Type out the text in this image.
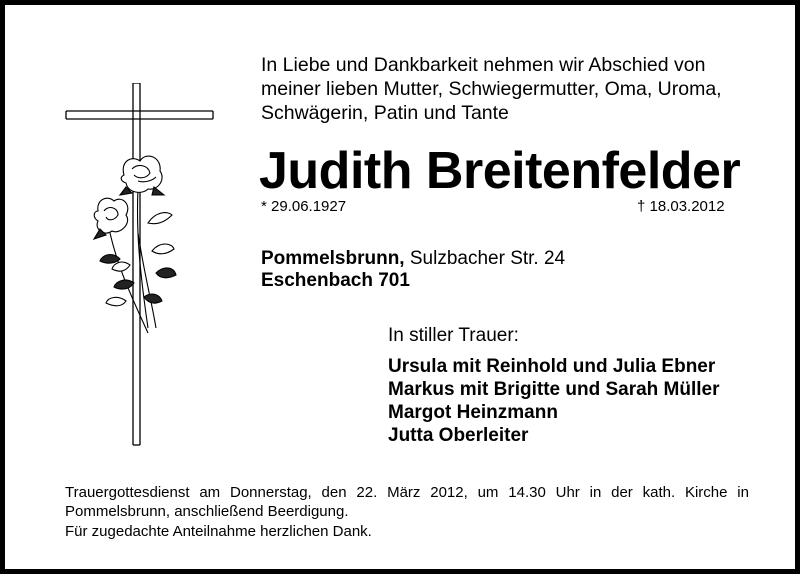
In Liebe und Dankbarkeit nehmen wir Abschied von
meiner lieben Mutter, Schwiegermutter, Oma, Uroma,
Schwägerin, Patin und Tante
Judith Breitenfelder
* 29.06.1927	† 18.03.2012
Pommelsbrunn, Sulzbacher Str. 24
Eschenbach 701
In stiller Trauer:
Ursula mit Reinhold und Julia Ebner
Markus mit Brigitte und Sarah Müller
Margot Heinzmann
Jutta Oberleiter
Trauergottesdienst am Donnerstag, den 22. März 2012, um 14.30 Uhr in der kath. Kirche in Pommelsbrunn, anschließend Beerdigung.
Für zugedachte Anteilnahme herzlichen Dank.
